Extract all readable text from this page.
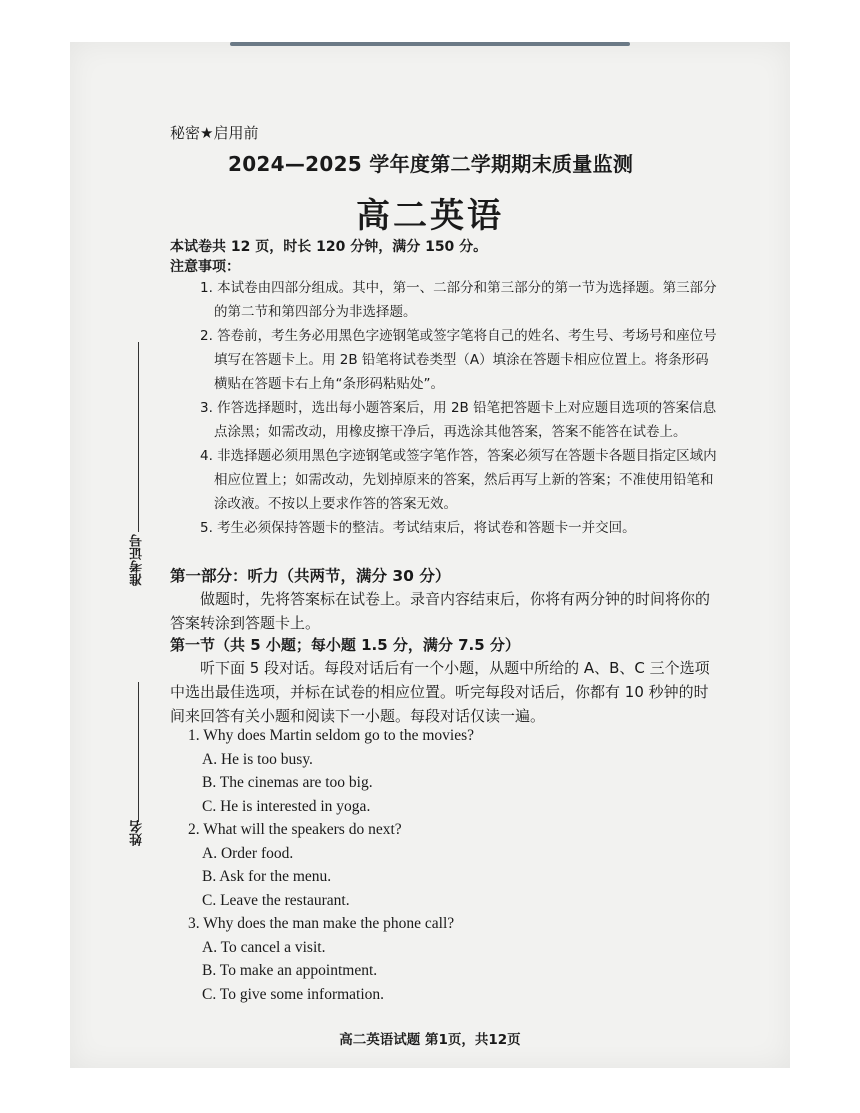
秘密★启用前
2024—2025 学年度第二学期期末质量监测
高二英语
本试卷共 12 页，时长 120 分钟，满分 150 分。
注意事项：
1. 本试卷由四部分组成。其中，第一、二部分和第三部分的第一节为选择题。第三部分的第二节和第四部分为非选择题。
2. 答卷前，考生务必用黑色字迹钢笔或签字笔将自己的姓名、考生号、考场号和座位号填写在答题卡上。用 2B 铅笔将试卷类型（A）填涂在答题卡相应位置上。将条形码横贴在答题卡右上角“条形码粘贴处”。
3. 作答选择题时，选出每小题答案后，用 2B 铅笔把答题卡上对应题目选项的答案信息点涂黑；如需改动，用橡皮擦干净后，再选涂其他答案，答案不能答在试卷上。
4. 非选择题必须用黑色字迹钢笔或签字笔作答，答案必须写在答题卡各题目指定区域内相应位置上；如需改动，先划掉原来的答案，然后再写上新的答案；不准使用铅笔和涂改液。不按以上要求作答的答案无效。
5. 考生必须保持答题卡的整洁。考试结束后，将试卷和答题卡一并交回。
准考证号
姓名
第一部分：听力（共两节，满分 30 分）
做题时，先将答案标在试卷上。录音内容结束后，你将有两分钟的时间将你的答案转涂到答题卡上。
第一节（共 5 小题；每小题 1.5 分，满分 7.5 分）
听下面 5 段对话。每段对话后有一个小题，从题中所给的 A、B、C 三个选项中选出最佳选项，并标在试卷的相应位置。听完每段对话后，你都有 10 秒钟的时间来回答有关小题和阅读下一小题。每段对话仅读一遍。
1. Why does Martin seldom go to the movies?
A. He is too busy.
B. The cinemas are too big.
C. He is interested in yoga.
2. What will the speakers do next?
A. Order food.
B. Ask for the menu.
C. Leave the restaurant.
3. Why does the man make the phone call?
A. To cancel a visit.
B. To make an appointment.
C. To give some information.
高二英语试题 第1页，共12页
